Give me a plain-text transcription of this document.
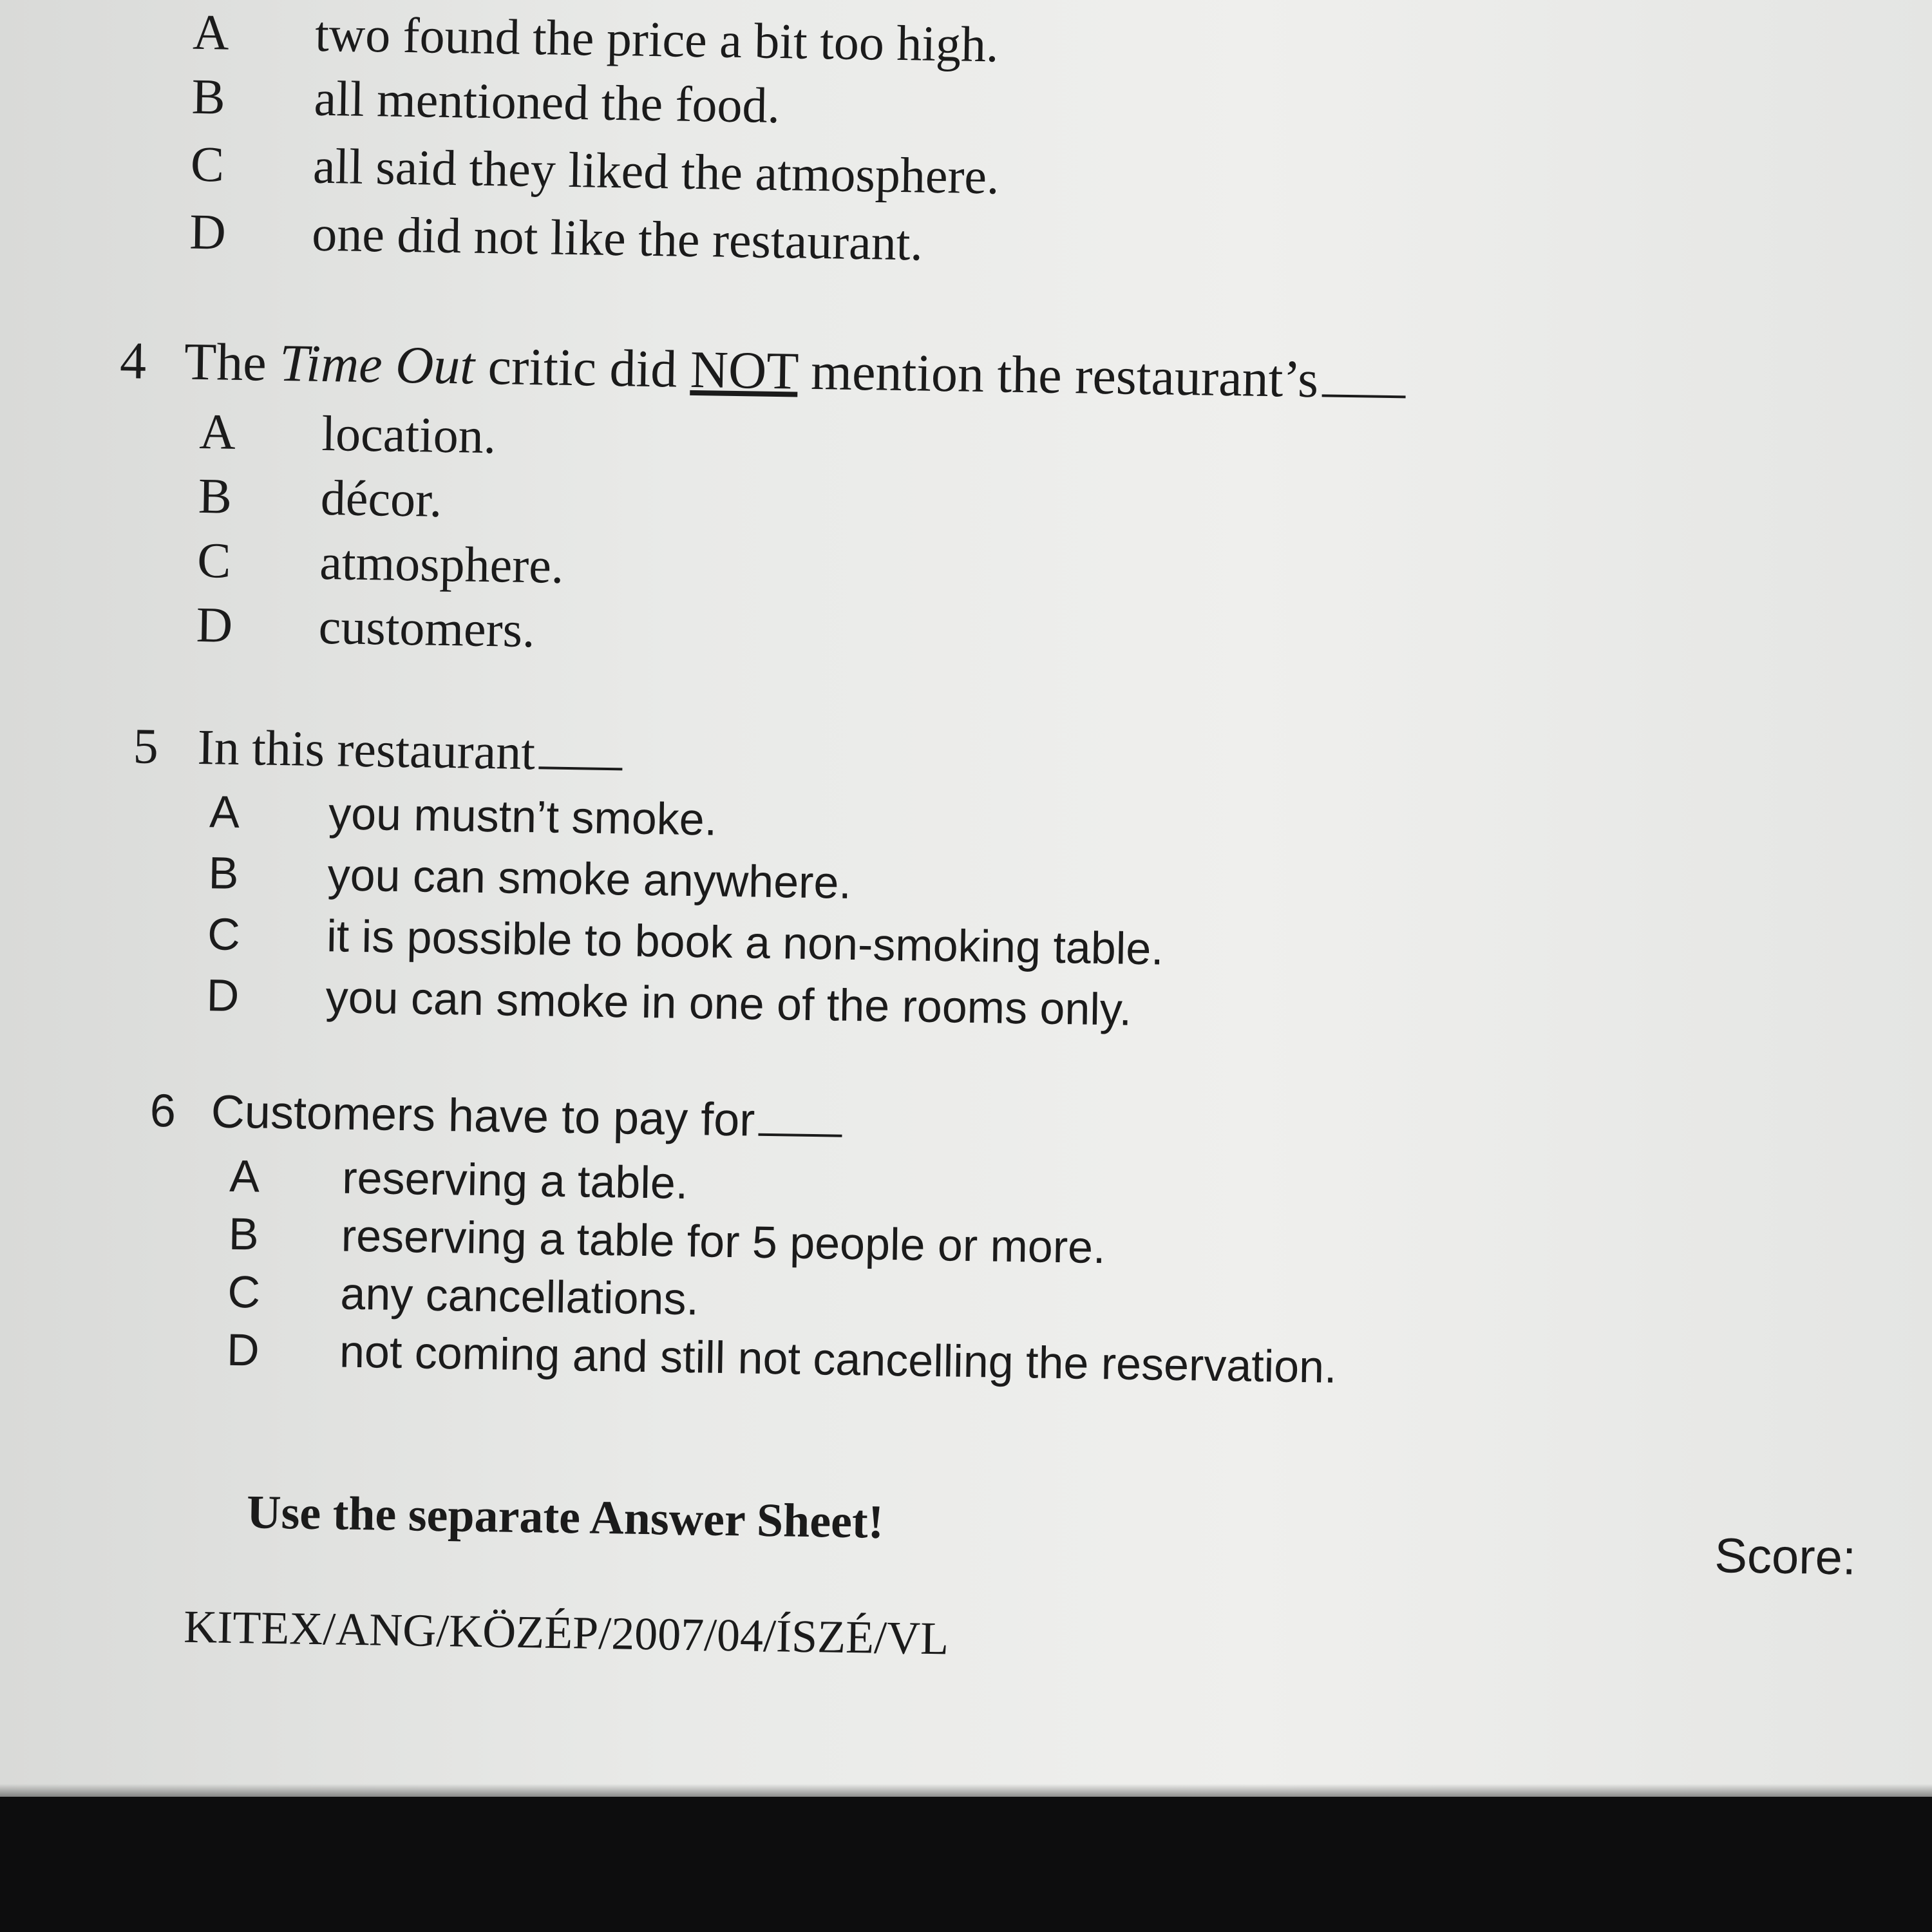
A two found the price a bit too high.
B all mentioned the food.
C all said they liked the atmosphere.
D one did not like the restaurant.
4 The Time Out critic did NOT mention the restaurant’s
A location.
B décor.
C atmosphere.
D customers.
5 In this restaurant
A you mustn’t smoke.
B you can smoke anywhere.
C it is possible to book a non-smoking table.
D you can smoke in one of the rooms only.
6 Customers have to pay for
A reserving a table.
B reserving a table for 5 people or more.
C any cancellations.
D not coming and still not cancelling the reservation.
Use the separate Answer Sheet!
Score:
KITEX/ANG/KÖZÉP/2007/04/ÍSZÉ/VL
